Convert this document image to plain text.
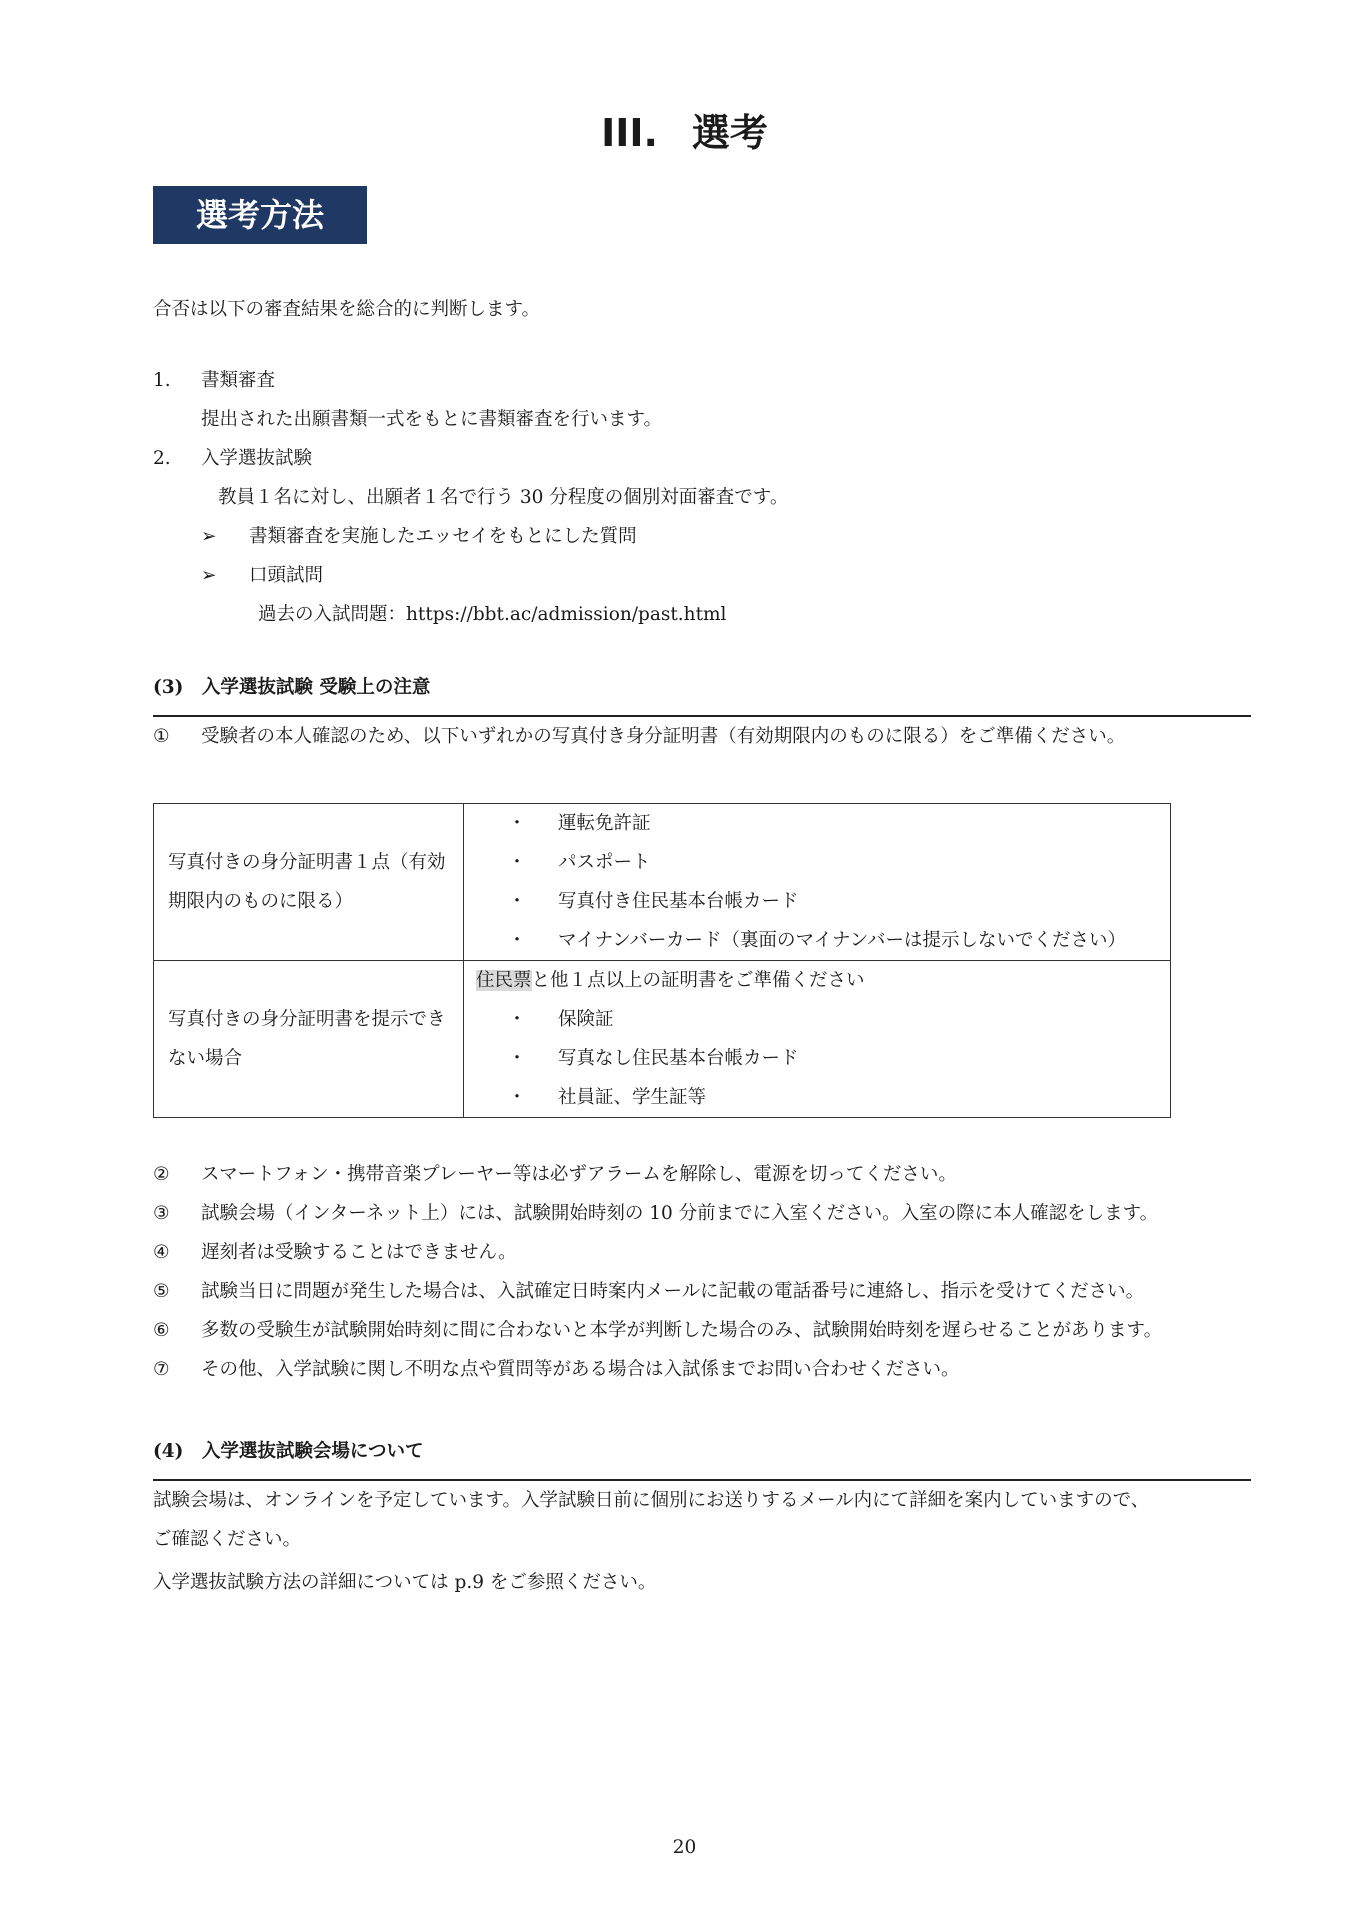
III. 選考
選考方法
合否は以下の審査結果を総合的に判断します。
1. 書類審査
提出された出願書類一式をもとに書類審査を行います。
2. 入学選抜試験
教員１名に対し、出願者１名で行う 30 分程度の個別対面審査です。
➢ 書類審査を実施したエッセイをもとにした質問
➢ 口頭試問
過去の入試問題：https://bbt.ac/admission/past.html
(3)　入学選抜試験 受験上の注意
① 受験者の本人確認のため、以下いずれかの写真付き身分証明書（有効期限内のものに限る）をご準備ください。
写真付きの身分証明書１点（有効期限内のものに限る）	・ 運転免許証
・ パスポート
・ 写真付き住民基本台帳カード
・ マイナンバーカード（裏面のマイナンバーは提示しないでください）

写真付きの身分証明書を提示できない場合	住民票と他１点以上の証明書をご準備ください
・ 保険証
・ 写真なし住民基本台帳カード
・ 社員証、学生証等
② スマートフォン・携帯音楽プレーヤー等は必ずアラームを解除し、電源を切ってください。
③ 試験会場（インターネット上）には、試験開始時刻の 10 分前までに入室ください。入室の際に本人確認をします。
④ 遅刻者は受験することはできません。
⑤ 試験当日に問題が発生した場合は、入試確定日時案内メールに記載の電話番号に連絡し、指示を受けてください。
⑥ 多数の受験生が試験開始時刻に間に合わないと本学が判断した場合のみ、試験開始時刻を遅らせることがあります。
⑦ その他、入学試験に関し不明な点や質問等がある場合は入試係までお問い合わせください。
(4)　入学選抜試験会場について
試験会場は、オンラインを予定しています。入学試験日前に個別にお送りするメール内にて詳細を案内していますので、
ご確認ください。
入学選抜試験方法の詳細については p.9 をご参照ください。
20
